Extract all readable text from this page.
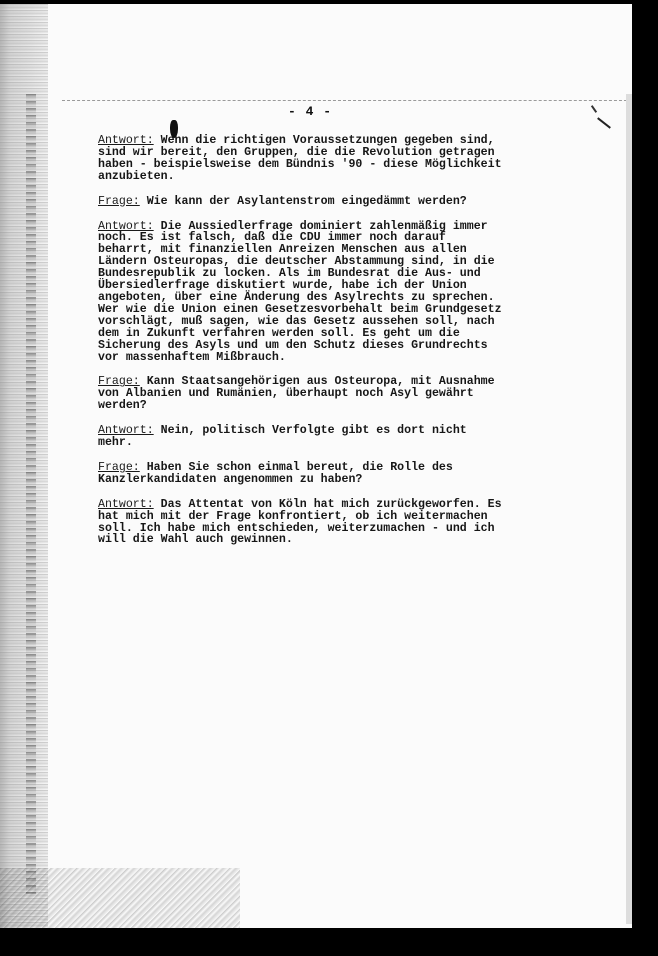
- 4 -
Antwort: Wenn die richtigen Voraussetzungen gegeben sind,
sind wir bereit, den Gruppen, die die Revolution getragen
haben - beispielsweise dem Bündnis '90 - diese Möglichkeit
anzubieten.
Frage: Wie kann der Asylantenstrom eingedämmt werden?
Antwort: Die Aussiedlerfrage dominiert zahlenmäßig immer
noch. Es ist falsch, daß die CDU immer noch darauf
beharrt, mit finanziellen Anreizen Menschen aus allen
Ländern Osteuropas, die deutscher Abstammung sind, in die
Bundesrepublik zu locken. Als im Bundesrat die Aus- und
Übersiedlerfrage diskutiert wurde, habe ich der Union
angeboten, über eine Änderung des Asylrechts zu sprechen.
Wer wie die Union einen Gesetzesvorbehalt beim Grundgesetz
vorschlägt, muß sagen, wie das Gesetz aussehen soll, nach
dem in Zukunft verfahren werden soll. Es geht um die
Sicherung des Asyls und um den Schutz dieses Grundrechts
vor massenhaftem Mißbrauch.
Frage: Kann Staatsangehörigen aus Osteuropa, mit Ausnahme
von Albanien und Rumänien, überhaupt noch Asyl gewährt
werden?
Antwort: Nein, politisch Verfolgte gibt es dort nicht
mehr.
Frage: Haben Sie schon einmal bereut, die Rolle des
Kanzlerkandidaten angenommen zu haben?
Antwort: Das Attentat von Köln hat mich zurückgeworfen. Es
hat mich mit der Frage konfrontiert, ob ich weitermachen
soll. Ich habe mich entschieden, weiterzumachen - und ich
will die Wahl auch gewinnen.
